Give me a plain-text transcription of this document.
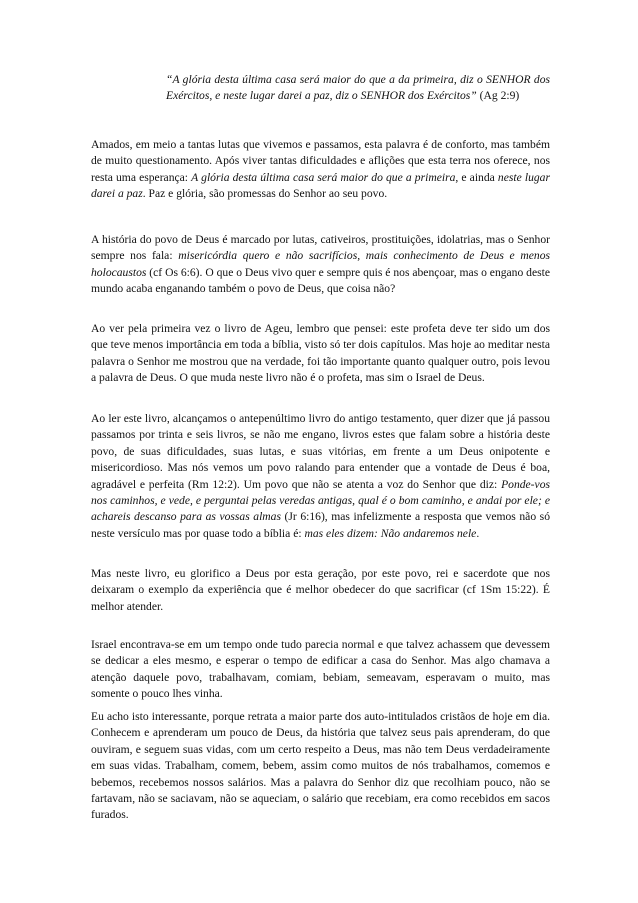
“A glória desta última casa será maior do que a da primeira, diz o SENHOR dos Exércitos, e neste lugar darei a paz, diz o SENHOR dos Exércitos” (Ag 2:9)

Amados, em meio a tantas lutas que vivemos e passamos, esta palavra é de conforto, mas também de muito questionamento. Após viver tantas dificuldades e aflições que esta terra nos oferece, nos resta uma esperança: A glória desta última casa será maior do que a primeira, e ainda neste lugar darei a paz. Paz e glória, são promessas do Senhor ao seu povo.

A história do povo de Deus é marcado por lutas, cativeiros, prostituições, idolatrias, mas o Senhor sempre nos fala: misericórdia quero e não sacrifícios, mais conhecimento de Deus e menos holocaustos (cf Os 6:6). O que o Deus vivo quer e sempre quis é nos abençoar, mas o engano deste mundo acaba enganando também o povo de Deus, que coisa não?

Ao ver pela primeira vez o livro de Ageu, lembro que pensei: este profeta deve ter sido um dos que teve menos importância em toda a bíblia, visto só ter dois capítulos. Mas hoje ao meditar nesta palavra o Senhor me mostrou que na verdade, foi tão importante quanto qualquer outro, pois levou a palavra de Deus. O que muda neste livro não é o profeta, mas sim o Israel de Deus.

Ao ler este livro, alcançamos o antepenúltimo livro do antigo testamento, quer dizer que já passou passamos por trinta e seis livros, se não me engano, livros estes que falam sobre a história deste povo, de suas dificuldades, suas lutas, e suas vitórias, em frente a um Deus onipotente e misericordioso. Mas nós vemos um povo ralando para entender que a vontade de Deus é boa, agradável e perfeita (Rm 12:2). Um povo que não se atenta a voz do Senhor que diz: Ponde-vos nos caminhos, e vede, e perguntai pelas veredas antigas, qual é o bom caminho, e andai por ele; e achareis descanso para as vossas almas (Jr 6:16), mas infelizmente a resposta que vemos não só neste versículo mas por quase todo a bíblia é: mas eles dizem: Não andaremos nele.

Mas neste livro, eu glorifico a Deus por esta geração, por este povo, rei e sacerdote que nos deixaram o exemplo da experiência que é melhor obedecer do que sacrificar (cf 1Sm 15:22). É melhor atender.

Israel encontrava-se em um tempo onde tudo parecia normal e que talvez achassem que devessem se dedicar a eles mesmo, e esperar o tempo de edificar a casa do Senhor. Mas algo chamava a atenção daquele povo, trabalhavam, comiam, bebiam, semeavam, esperavam o muito, mas somente o pouco lhes vinha.

Eu acho isto interessante, porque retrata a maior parte dos auto-intitulados cristãos de hoje em dia. Conhecem e aprenderam um pouco de Deus, da história que talvez seus pais aprenderam, do que ouviram, e seguem suas vidas, com um certo respeito a Deus, mas não tem Deus verdadeiramente em suas vidas. Trabalham, comem, bebem, assim como muitos de nós trabalhamos, comemos e bebemos, recebemos nossos salários. Mas a palavra do Senhor diz que recolhiam pouco, não se fartavam, não se saciavam, não se aqueciam, o salário que recebiam, era como recebidos em sacos furados.
